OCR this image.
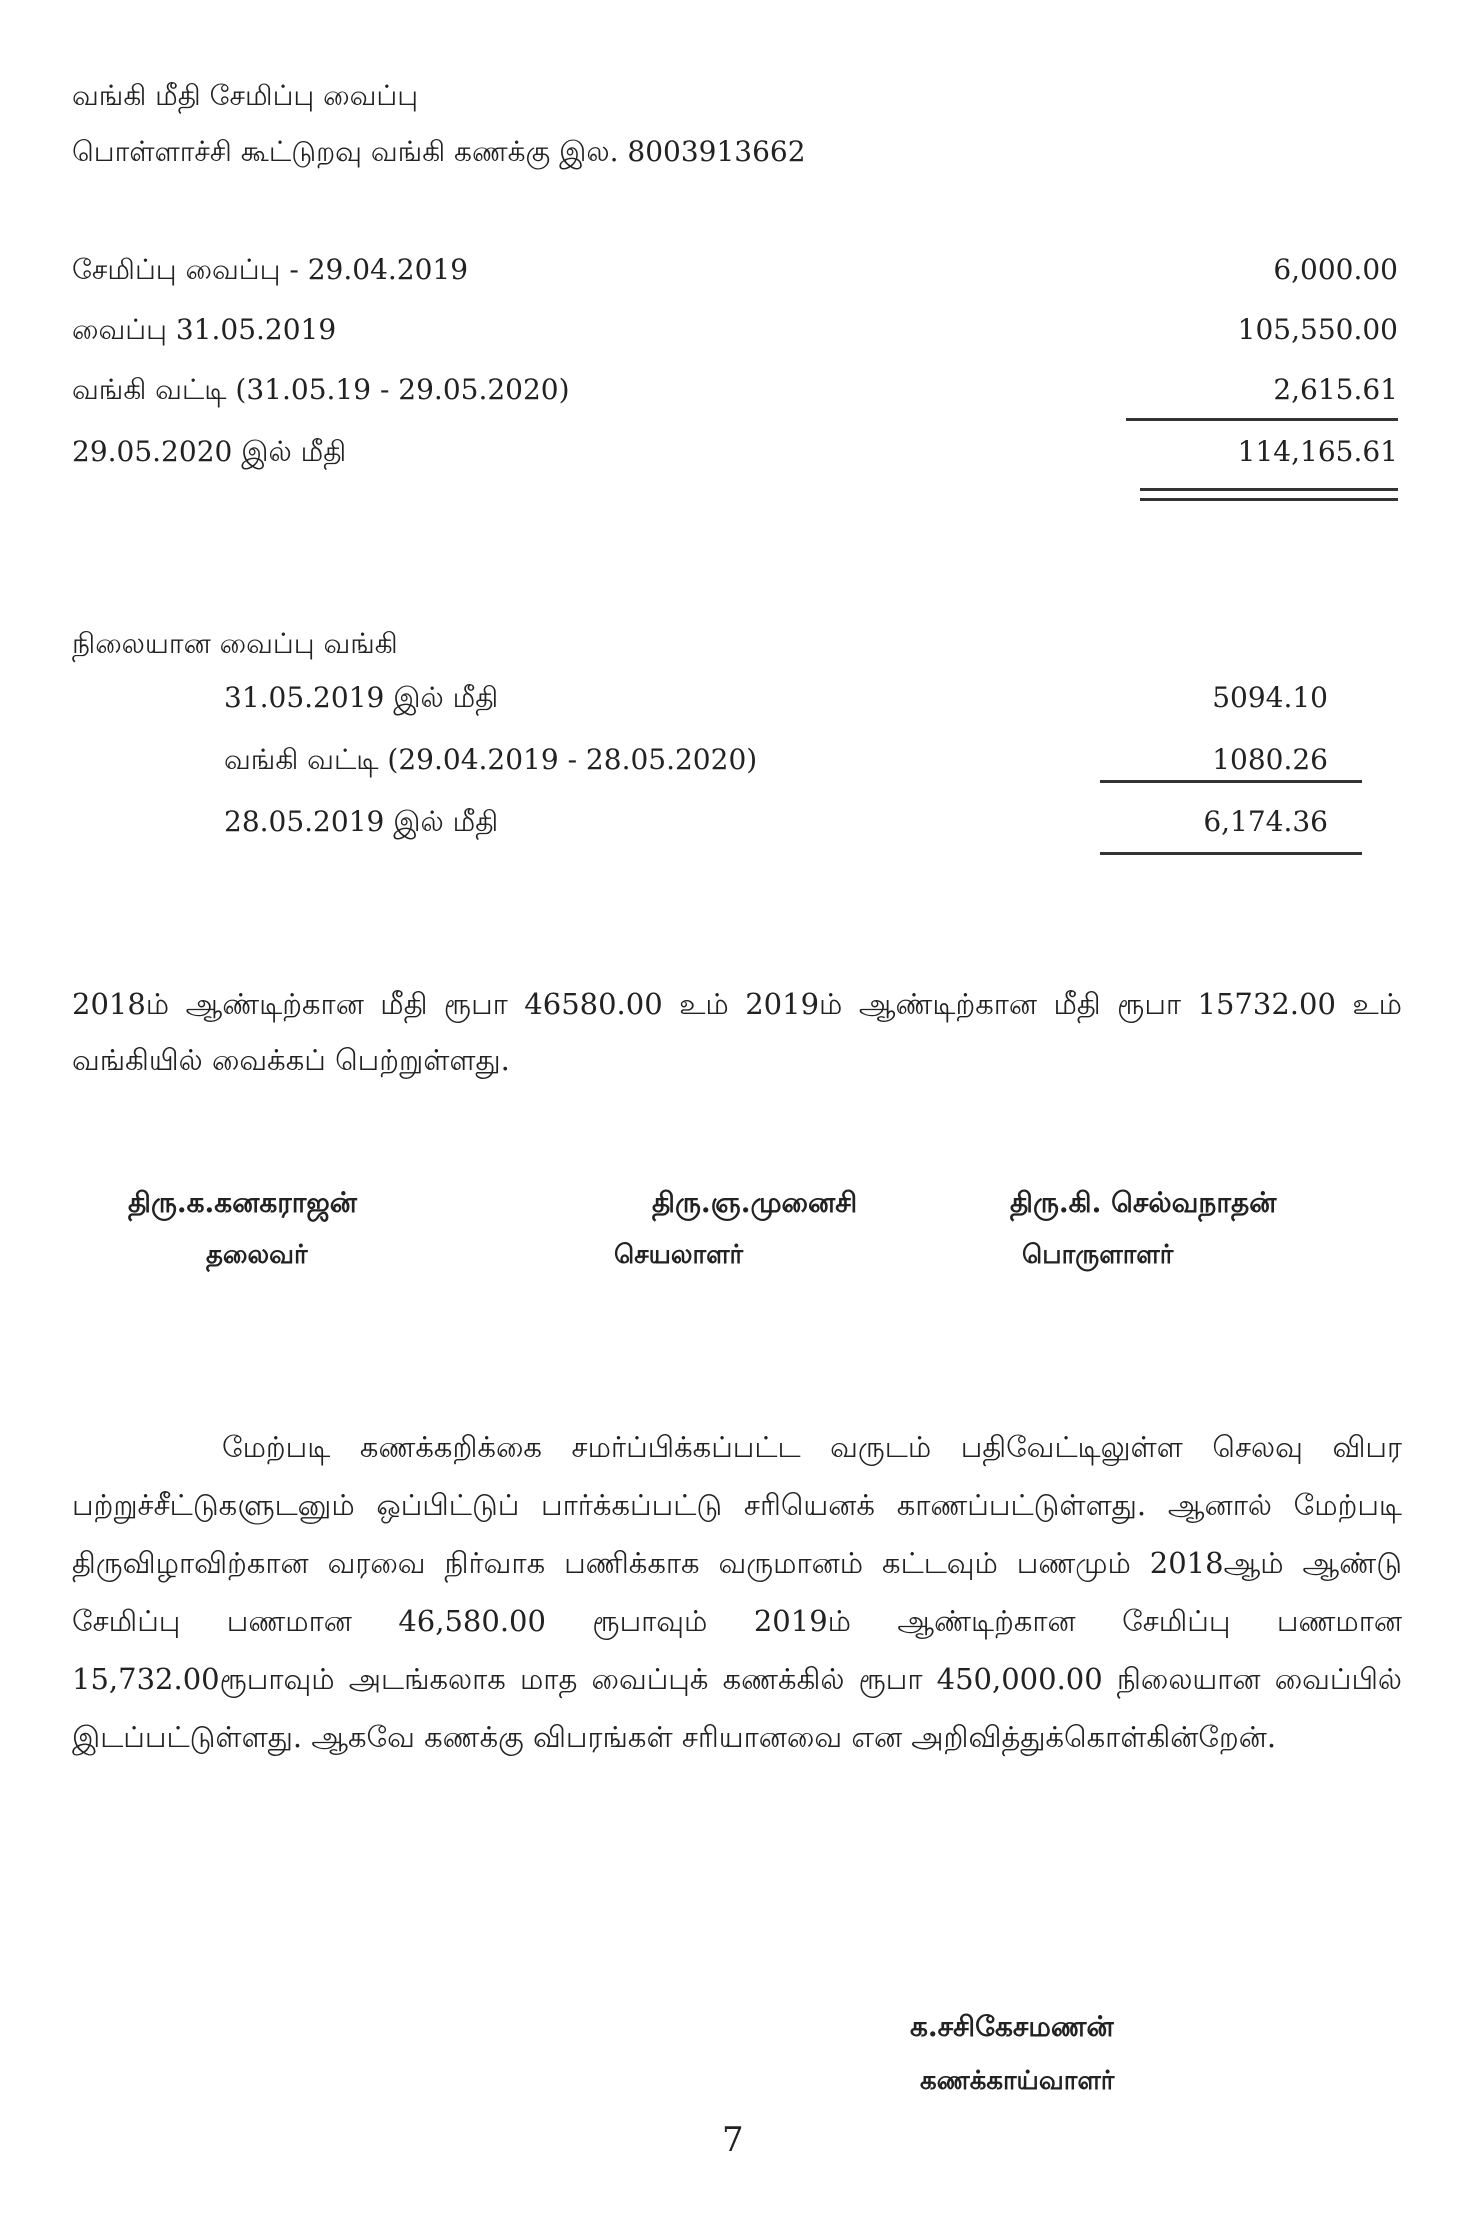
வங்கி மீதி சேமிப்பு வைப்பு
பொள்ளாச்சி கூட்டுறவு வங்கி கணக்கு இல. 8003913662
சேமிப்பு வைப்பு - 29.04.2019	6,000.00
வைப்பு 31.05.2019	105,550.00
வங்கி வட்டி (31.05.19 - 29.05.2020)	2,615.61
29.05.2020 இல் மீதி	114,165.61
நிலையான வைப்பு வங்கி
31.05.2019 இல் மீதி	5094.10
வங்கி வட்டி (29.04.2019 - 28.05.2020)	1080.26
28.05.2019 இல் மீதி	6,174.36
2018ம் ஆண்டிற்கான மீதி ரூபா 46580.00 உம் 2019ம் ஆண்டிற்கான மீதி ரூபா 15732.00 உம் வங்கியில் வைக்கப் பெற்றுள்ளது.
திரு.க.கனகராஜன்
தலைவர்
திரு.ஞ.முனைசி
செயலாளர்
திரு.கி. செல்வநாதன்
பொருளாளர்
மேற்படி கணக்கறிக்கை சமர்ப்பிக்கப்பட்ட வருடம் பதிவேட்டிலுள்ள செலவு விபர பற்றுச்சீட்டுகளுடனும் ஒப்பிட்டுப் பார்க்கப்பட்டு சரியெனக் காணப்பட்டுள்ளது. ஆனால் மேற்படி திருவிழாவிற்கான வரவை நிர்வாக பணிக்காக வருமானம் கட்டவும் பணமும் 2018ஆம் ஆண்டு சேமிப்பு பணமான 46,580.00 ரூபாவும் 2019ம் ஆண்டிற்கான சேமிப்பு பணமான 15,732.00ரூபாவும் அடங்கலாக மாத வைப்புக் கணக்கில் ரூபா 450,000.00 நிலையான வைப்பில் இடப்பட்டுள்ளது. ஆகவே கணக்கு விபரங்கள் சரியானவை என அறிவித்துக்கொள்கின்றேன்.
க.சசிகேசமணன்
கணக்காய்வாளர்
7
